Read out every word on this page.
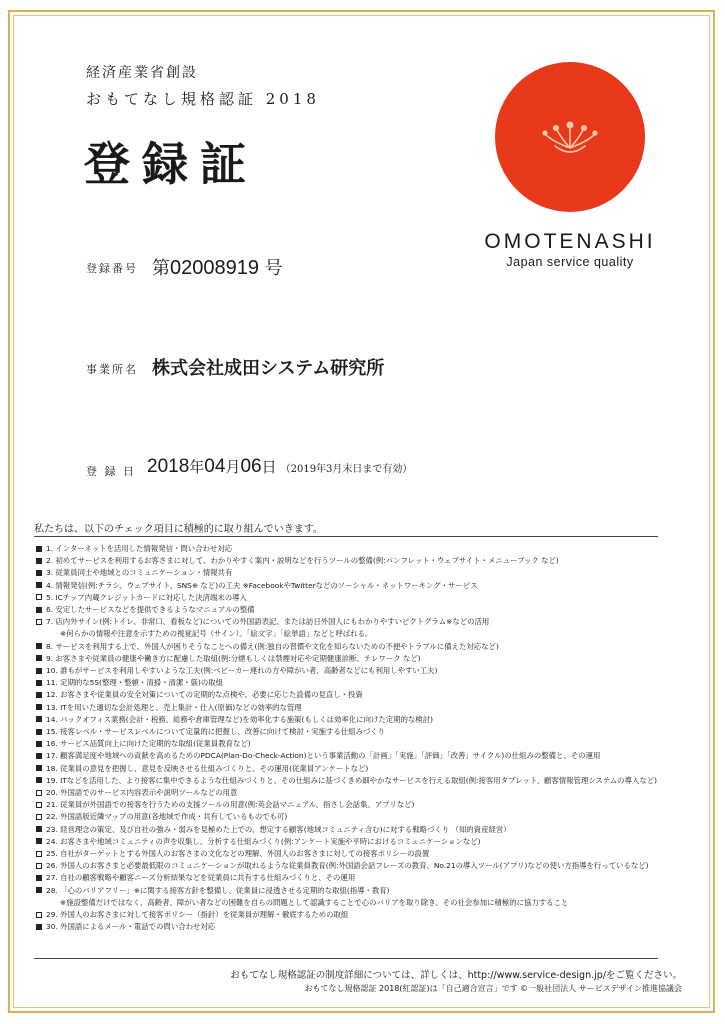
経済産業省創設
おもてなし規格認証 2018
登録証
OMOTENASHI
Japan service quality
登録番号 第02008919 号
事業所名 株式会社成田システム研究所
登 録 日 2018年04月06日 （2019年3月末日まで有効）
私たちは、以下のチェック項目に積極的に取り組んでいきます。
1. インターネットを活用した情報発信・問い合わせ対応
2. 初めてサービスを利用するお客さまに対して、わかりやすく案内・説明などを行うツールの整備(例:パンフレット・ウェブサイト・メニューブック など)
3. 従業員同士や地域とのコミュニケーション・情報共有
4. 情報発信(例:チラシ、ウェブサイト、SNS※ など)の工夫 ※FacebookやTwitterなどのソーシャル・ネットワーキング・サービス
5. ICチップ内蔵クレジットカードに対応した決済端末の導入
6. 安定したサービスなどを提供できるようなマニュアルの整備
7. 店内外サイン(例:トイレ、非常口、看板など)についての外国語表記、または訪日外国人にもわかりやすいピクトグラム※などの活用
※何らかの情報や注意を示すための視覚記号（サイン）。「絵文字」「絵単語」などと呼ばれる。
8. サービスを利用する上で、外国人が困りそうなことへの備え(例:独自の習慣や文化を知らないための不便やトラブルに備えた対応など)
9. お客さまや従業員の健康や働き方に配慮した取組(例:分煙もしくは禁煙対応や定期健康診断、テレワーク など)
10. 誰もがサービスを利用しやすいような工夫(例:ベビーカー連れの方や障がい者、高齢者などにも利用しやすい工夫)
11. 定期的な5S(整理・整頓・清掃・清潔・躾)の取組
12. お客さまや従業員の安全対策についての定期的な点検や、必要に応じた設備の見直し・投資
13. ITを用いた適切な会計処理と、売上集計・仕入(原価)などの効率的な管理
14. バックオフィス業務(会計・税務、総務や倉庫管理など)を効率化する施策(もしくは効率化に向けた定期的な検討)
15. 接客レベル・サービスレベルについて定量的に把握し、改善に向けて検討・実施する仕組みづくり
16. サービス品質向上に向けた定期的な取組(従業員教育など)
17. 顧客満足度や地域への貢献を高めるためのPDCA(Plan-Do-Check-Action)という事業活動の「計画」「実施」「評価」「改善」サイクル)の仕組みの整備と、その運用
18. 従業員の意見を把握し、意見を反映させる仕組みづくりと、その運用(従業員アンケートなど)
19. ITなどを活用した、より接客に集中できるような仕組みづくりと、その仕組みに基づくきめ細やかなサービスを行える取組(例:接客用タブレット、顧客情報管理システムの導入など)
20. 外国語でのサービス内容表示や説明ツールなどの用意
21. 従業員が外国語での接客を行うための支援ツールの用意(例:英会話マニュアル、指さし会話集、アプリなど)
22. 外国語版近隣マップの用意(各地域で作成・共有しているものでも可)
23. 経営理念の策定、及び自社の強み・弱みを見極めた上での、想定する顧客(地域コミュニティ含む)に対する戦略づくり （知的資産経営）
24. お客さまや地域コミュニティの声を収集し、分析する仕組みづくり(例:アンケート実施や平時におけるコミュニケーションなど)
25. 自社がターゲットとする外国人のお客さまの文化などの理解、外国人のお客さまに対しての接客ポリシーの設置
26. 外国人のお客さまと必要最低限のコミュニケーションが取れるような従業員教育(例:外国語会話フレーズの教育、No.21の導入ツール(アプリ)などの使い方指導を行っているなど)
27. 自社の顧客戦略や顧客ニーズ分析結果などを従業員に共有する仕組みづくりと、その運用
28. 「心のバリアフリー」※に関する接客方針を整備し、従業員に浸透させる定期的な取組(指導・教育)
※施設整備だけではなく、高齢者、障がい者などの困難を自らの問題として認識することで心のバリアを取り除き、その社会参加に積極的に協力すること
29. 外国人のお客さまに対して接客ポリシー（指針）を従業員が理解・徹底するための取組
30. 外国語によるメール・電話での問い合わせ対応
おもてなし規格認証の制度詳細については、詳しくは、http://www.service-design.jp/をご覧ください。
おもてなし規格認証 2018(紅認証)は「自己適合宣言」です ©一般社団法人 サービスデザイン推進協議会
